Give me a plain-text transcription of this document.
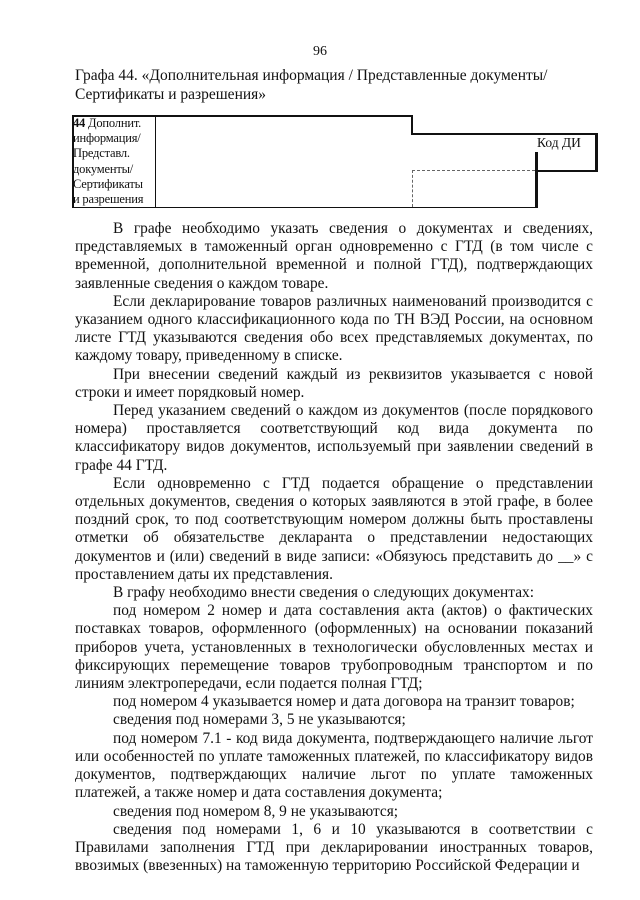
96
Графа 44. «Дополнительная информация / Представленные документы/ Сертификаты и разрешения»
44 Дополнит.
информация/
Представл.
документы/
Сертификаты
и разрешения
Код ДИ

В графе необходимо указать сведения о документах и сведениях, представляемых в таможенный орган одновременно с ГТД (в том числе с временной, дополнительной временной и полной ГТД), подтверждающих заявленные сведения о каждом товаре.

Если декларирование товаров различных наименований производится с указанием одного классификационного кода по ТН ВЭД России, на основном листе ГТД указываются сведения обо всех представляемых документах, по каждому товару, приведенному в списке.

При внесении сведений каждый из реквизитов указывается с новой строки и имеет порядковый номер.

Перед указанием сведений о каждом из документов (после порядкового номера) проставляется соответствующий код вида документа по классификатору видов документов, используемый при заявлении сведений в графе 44 ГТД.

Если одновременно с ГТД подается обращение о представлении отдельных документов, сведения о которых заявляются в этой графе, в более поздний срок, то под соответствующим номером должны быть проставлены отметки об обязательстве декларанта о представлении недостающих документов и (или) сведений в виде записи: «Обязуюсь представить до __» с проставлением даты их представления.

В графу необходимо внести сведения о следующих документах:

под номером 2 номер и дата составления акта (актов) о фактических поставках товаров, оформленного (оформленных) на основании показаний приборов учета, установленных в технологически обусловленных местах и фиксирующих перемещение товаров трубопроводным транспортом и по линиям электропередачи, если подается полная ГТД;

под номером 4 указывается номер и дата договора на транзит товаров;

сведения под номерами 3, 5 не указываются;

под номером 7.1 - код вида документа, подтверждающего наличие льгот или особенностей по уплате таможенных платежей, по классификатору видов документов, подтверждающих наличие льгот по уплате таможенных платежей, а также номер и дата составления документа;

сведения под номером 8, 9 не указываются;

сведения под номерами 1, 6 и 10 указываются в соответствии с Правилами заполнения ГТД при декларировании иностранных товаров, ввозимых (ввезенных) на таможенную территорию Российской Федерации и
